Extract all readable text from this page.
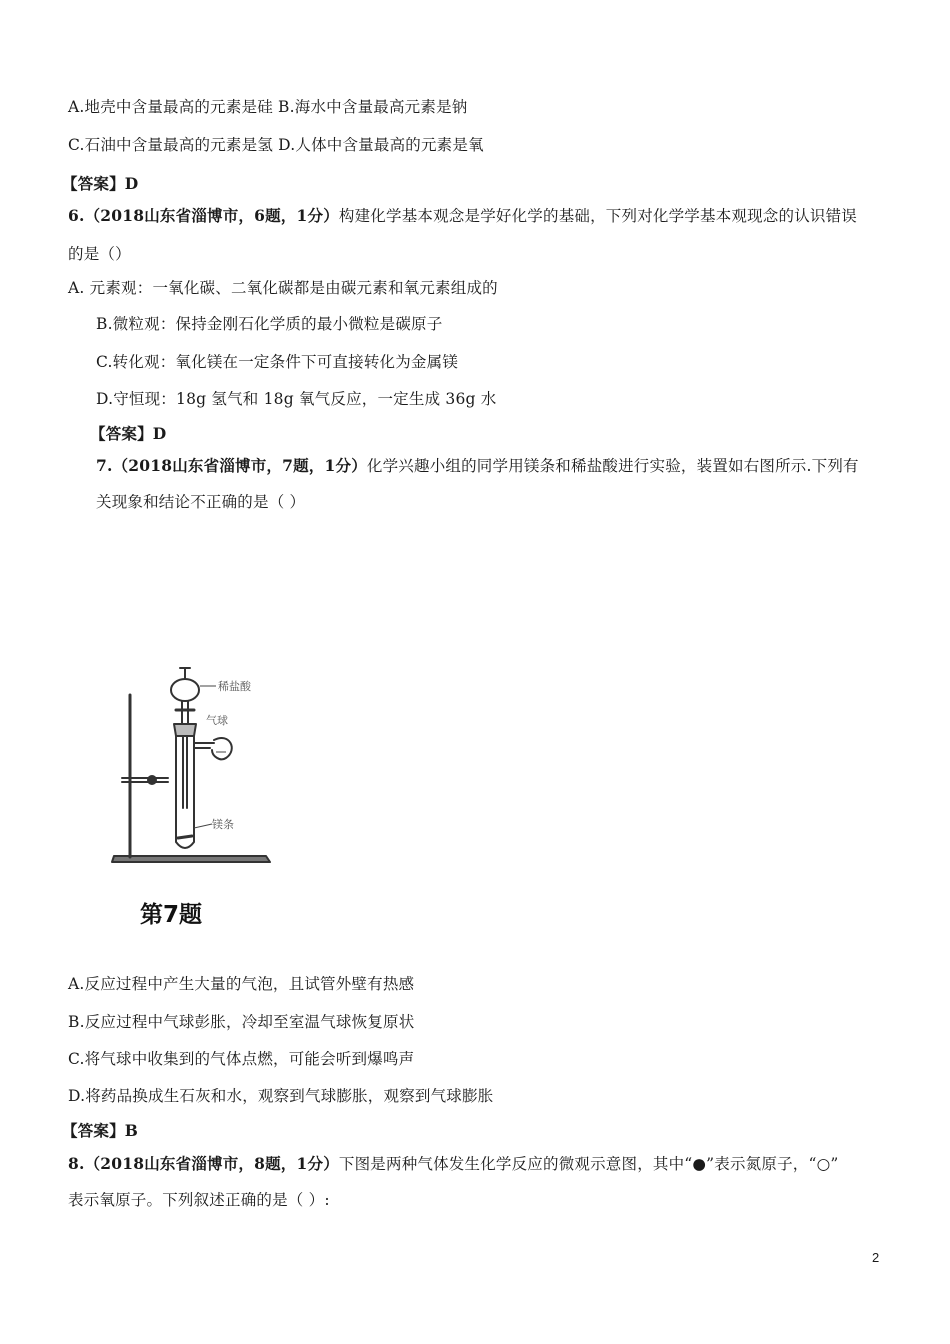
A.地壳中含量最高的元素是硅 B.海水中含量最高元素是钠
C.石油中含量最高的元素是氢 D.人体中含量最高的元素是氧
【答案】D
6.（2018山东省淄博市，6题，1分）构建化学基本观念是学好化学的基础，下列对化学学基本观现念的认识错误
的是（）
A. 元素观：一氧化碳、二氧化碳都是由碳元素和氧元素组成的
B.微粒观：保持金刚石化学质的最小微粒是碳原子
C.转化观：氧化镁在一定条件下可直接转化为金属镁
D.守恒现：18g 氢气和 18g 氧气反应，一定生成 36g 水
【答案】D
7.（2018山东省淄博市，7题，1分）化学兴趣小组的同学用镁条和稀盐酸进行实验，装置如右图所示.下列有
关现象和结论不正确的是（ ）
稀盐酸
气球
镁条
第7题
A.反应过程中产生大量的气泡，且试管外壁有热感
B.反应过程中气球彭胀，冷却至室温气球恢复原状
C.将气球中收集到的气体点燃，可能会听到爆鸣声
D.将药品换成生石灰和水，观察到气球膨胀，观察到气球膨胀
【答案】B
8.（2018山东省淄博市，8题，1分）下图是两种气体发生化学反应的微观示意图，其中“●”表示氮原子，“○”
表示氧原子。下列叙述正确的是（ ）:
2
